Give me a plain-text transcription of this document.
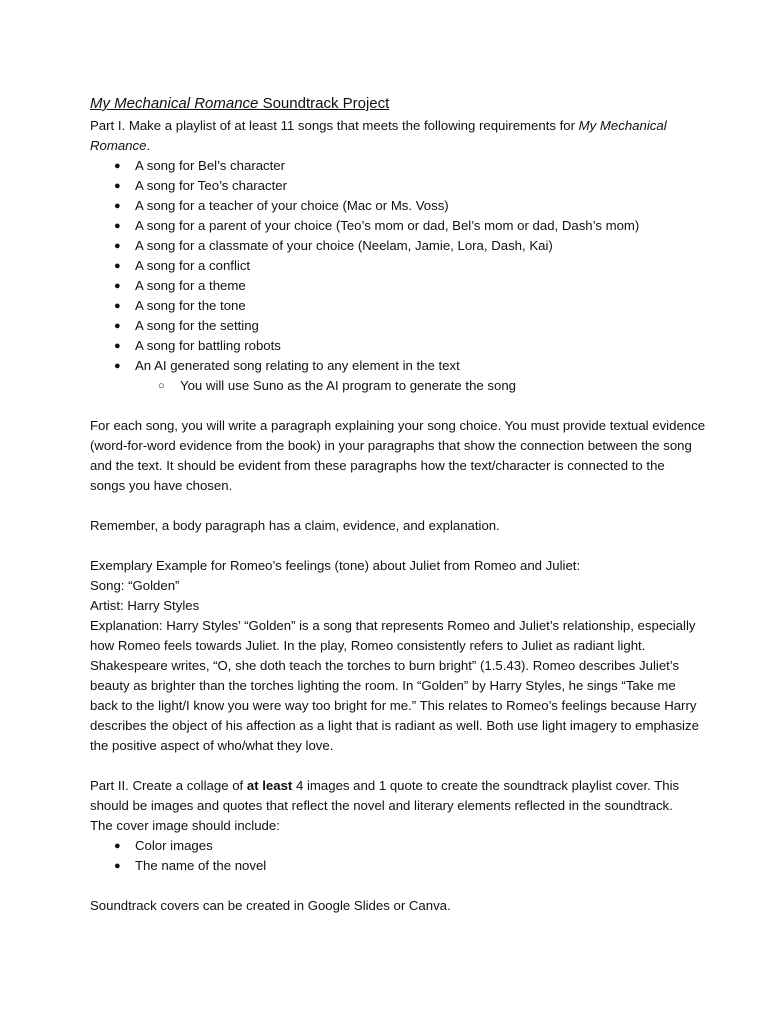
My Mechanical Romance Soundtrack Project
Part I. Make a playlist of at least 11 songs that meets the following requirements for My Mechanical
Romance.
● A song for Bel’s character
● A song for Teo’s character
● A song for a teacher of your choice (Mac or Ms. Voss)
● A song for a parent of your choice (Teo’s mom or dad, Bel’s mom or dad, Dash’s mom)
● A song for a classmate of your choice (Neelam, Jamie, Lora, Dash, Kai)
● A song for a conflict
● A song for a theme
● A song for the tone
● A song for the setting
● A song for battling robots
● An AI generated song relating to any element in the text
○ You will use Suno as the AI program to generate the song
For each song, you will write a paragraph explaining your song choice. You must provide textual evidence
(word-for-word evidence from the book) in your paragraphs that show the connection between the song
and the text. It should be evident from these paragraphs how the text/character is connected to the
songs you have chosen.
Remember, a body paragraph has a claim, evidence, and explanation.
Exemplary Example for Romeo’s feelings (tone) about Juliet from Romeo and Juliet:
Song: “Golden”
Artist: Harry Styles
Explanation: Harry Styles’ “Golden” is a song that represents Romeo and Juliet’s relationship, especially
how Romeo feels towards Juliet. In the play, Romeo consistently refers to Juliet as radiant light.
Shakespeare writes, “O, she doth teach the torches to burn bright” (1.5.43). Romeo describes Juliet’s
beauty as brighter than the torches lighting the room. In “Golden” by Harry Styles, he sings “Take me
back to the light/I know you were way too bright for me.” This relates to Romeo’s feelings because Harry
describes the object of his affection as a light that is radiant as well. Both use light imagery to emphasize
the positive aspect of who/what they love.
Part II. Create a collage of at least 4 images and 1 quote to create the soundtrack playlist cover. This
should be images and quotes that reflect the novel and literary elements reflected in the soundtrack.
The cover image should include:
● Color images
● The name of the novel
Soundtrack covers can be created in Google Slides or Canva.
